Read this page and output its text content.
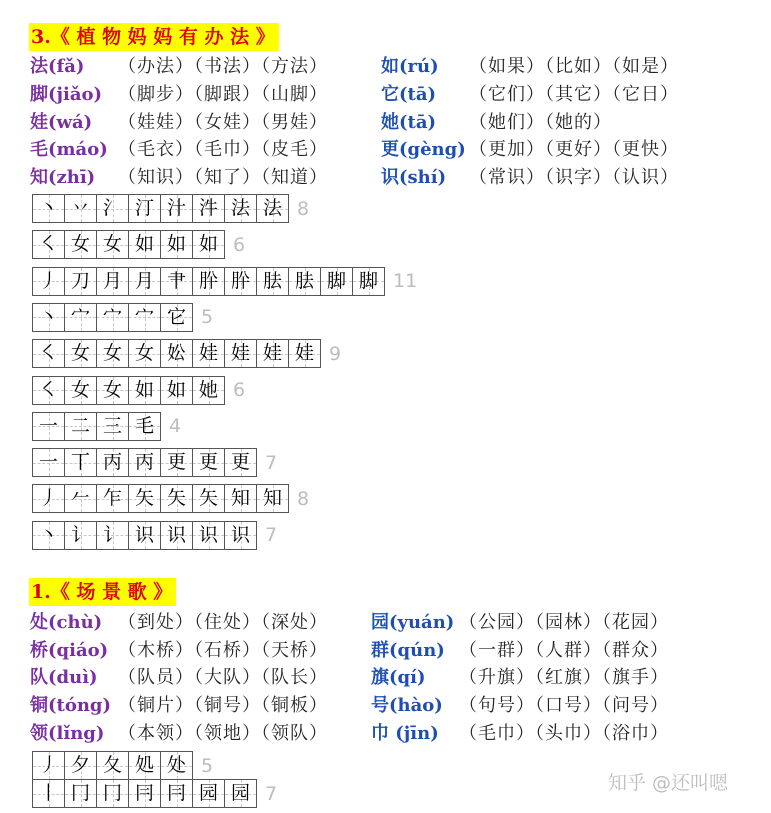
3.《 植 物 妈 妈 有 办 法 》
法(fǎ) （办法）（书法）（方法）
脚(jiǎo) （脚步）（脚跟）（山脚）
娃(wá) （娃娃）（女娃）（男娃）
毛(máo) （毛衣）（毛巾）（皮毛）
知(zhī) （知识）（知了）（知道）
如(rú) （如果）（比如）（如是）
它(tā) （它们）（其它）（它日）
她(tā) （她们）（她的）
更(gèng) （更加）（更好）（更快）
识(shí) （常识）（识字）（认识）
丶 丷 氵 汀 汁 汼 法 法 8
㇛ 女 女 如 如 如 6
丿 刀 月 月 肀 肸 肸 胠 胠 脚 脚 11
丶 宀 宀 宀 它 5
㇛ 女 女 女 妐 娃 娃 娃 娃 9
㇛ 女 女 如 如 她 6
一 二 三 毛 4
一 丅 丙 丙 更 更 更 7
丿 𠂉 乍 矢 矢 矢 知 知 8
丶 讠 讠 识 识 识 识 7
1.《 场 景 歌 》
处(chù) （到处）（住处）（深处）
桥(qiáo) （木桥）（石桥）（天桥）
队(duì) （队员）（大队）（队长）
铜(tóng) （铜片）（铜号）（铜板）
领(lǐng) （本领）（领地）（领队）
园(yuán) （公园）（园林）（花园）
群(qún) （一群）（人群）（群众）
旗(qí) （升旗）（红旗）（旗手）
号(hào) （句号）（口号）（问号）
巾 (jīn) （毛巾）（头巾）（浴巾）
丿 夕 夂 処 处 5
丨 冂 冂 冃 冃 园 园 7	知乎 @还叫嗯
